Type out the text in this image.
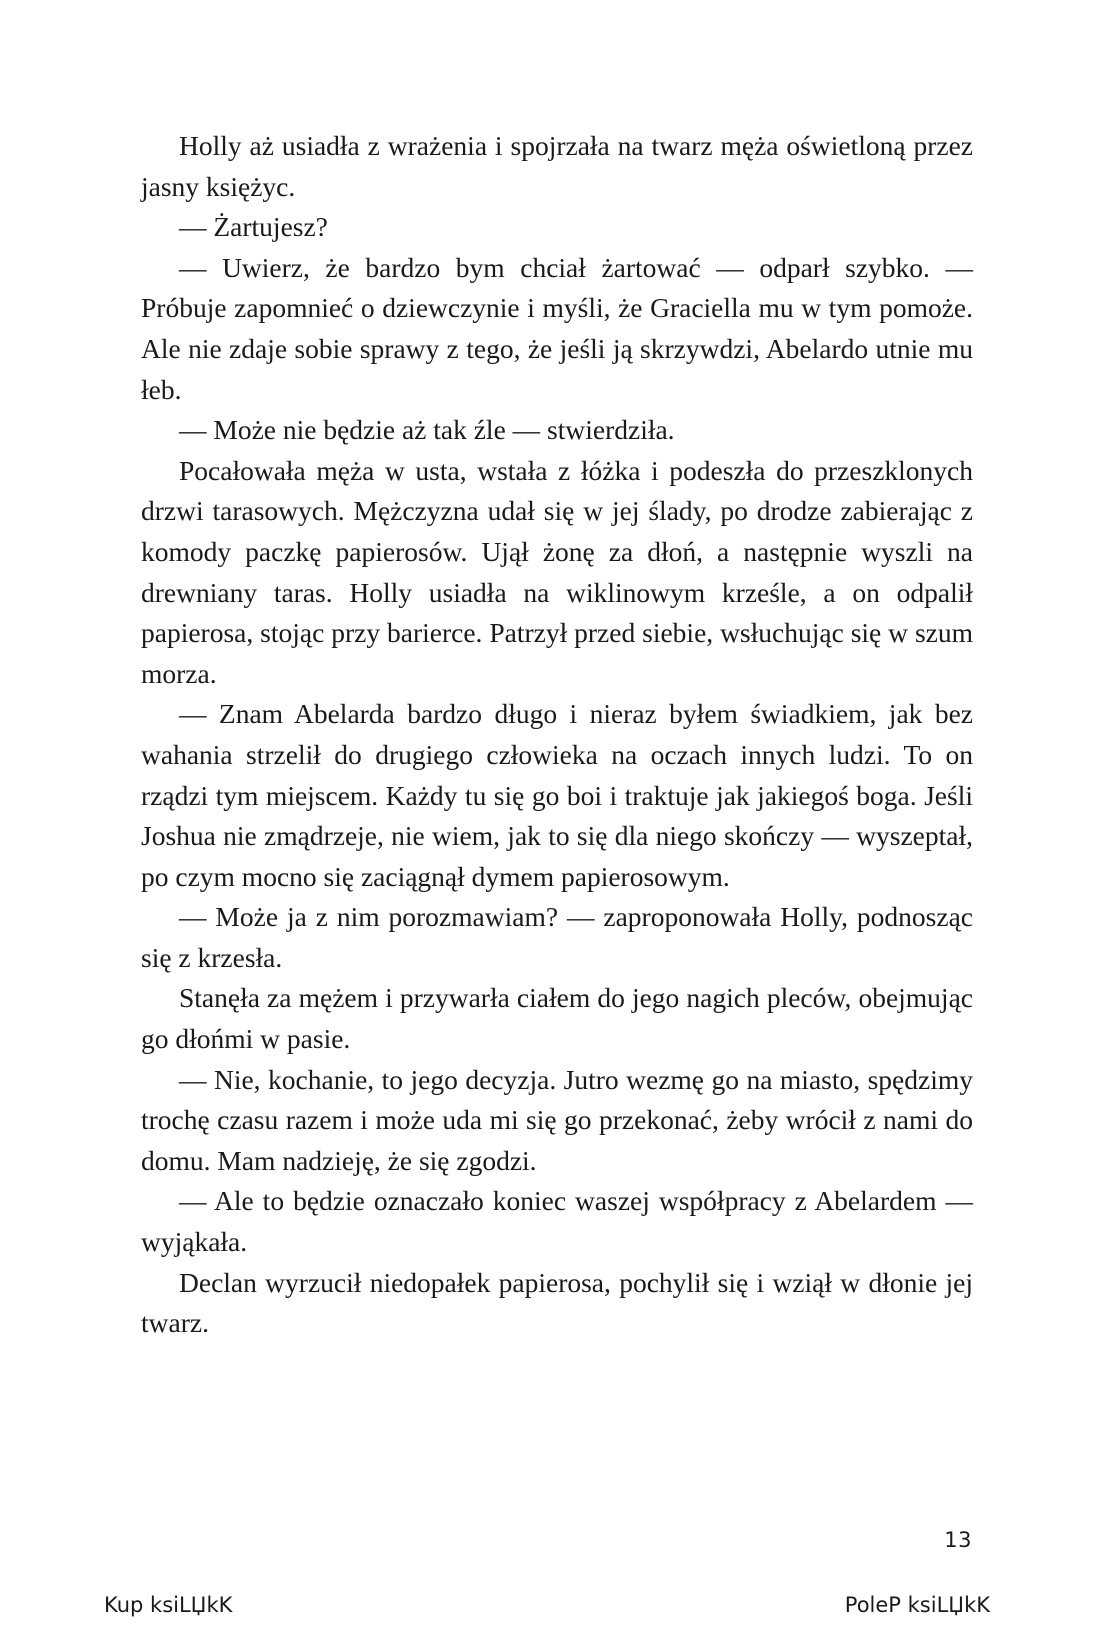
Holly aż usiadła z wrażenia i spojrzała na twarz męża oświetloną przez jasny księżyc.

— Żartujesz?

— Uwierz, że bardzo bym chciał żartować — odparł szybko. — Próbuje zapomnieć o dziewczynie i myśli, że Graciella mu w tym pomoże. Ale nie zdaje sobie sprawy z tego, że jeśli ją skrzywdzi, Abelardo utnie mu łeb.

— Może nie będzie aż tak źle — stwierdziła.

Pocałowała męża w usta, wstała z łóżka i podeszła do przeszklonych drzwi tarasowych. Mężczyzna udał się w jej ślady, po drodze zabierając z komody paczkę papierosów. Ujął żonę za dłoń, a następnie wyszli na drewniany taras. Holly usiadła na wiklinowym krześle, a on odpalił papierosa, stojąc przy barierce. Patrzył przed siebie, wsłuchując się w szum morza.

— Znam Abelarda bardzo długo i nieraz byłem świadkiem, jak bez wahania strzelił do drugiego człowieka na oczach innych ludzi. To on rządzi tym miejscem. Każdy tu się go boi i traktuje jak jakiegoś boga. Jeśli Joshua nie zmądrzeje, nie wiem, jak to się dla niego skończy — wyszeptał, po czym mocno się zaciągnął dymem papierosowym.

— Może ja z nim porozmawiam? — zaproponowała Holly, podnosząc się z krzesła.

Stanęła za mężem i przywarła ciałem do jego nagich pleców, obejmując go dłońmi w pasie.

— Nie, kochanie, to jego decyzja. Jutro wezmę go na miasto, spędzimy trochę czasu razem i może uda mi się go przekonać, żeby wrócił z nami do domu. Mam nadzieję, że się zgodzi.

— Ale to będzie oznaczało koniec waszej współpracy z Abelardem — wyjąkała.

Declan wyrzucił niedopałek papierosa, pochylił się i wziął w dłonie jej twarz.

13
Kup ksiLЏkK	PoleP ksiLЏkK
